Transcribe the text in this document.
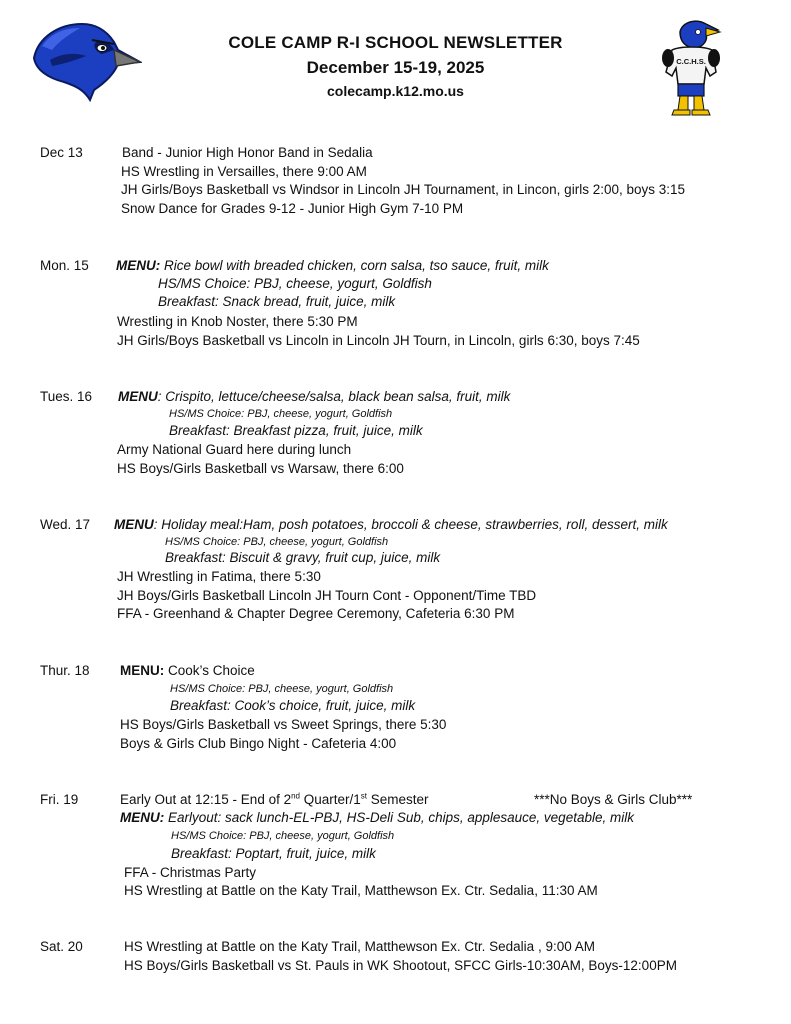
COLE CAMP R-I SCHOOL NEWSLETTER
December 15-19, 2025
colecamp.k12.mo.us
C.C.H.S.
Dec 13	Band - Junior High Honor Band in Sedalia
HS Wrestling in Versailles, there 9:00 AM
JH Girls/Boys Basketball vs Windsor in Lincoln JH Tournament, in Lincon, girls 2:00, boys 3:15
Snow Dance for Grades 9-12 - Junior High Gym 7-10 PM
Mon. 15 MENU: Rice bowl with breaded chicken, corn salsa, tso sauce, fruit, milk
HS/MS Choice: PBJ, cheese, yogurt, Goldfish
Breakfast: Snack bread, fruit, juice, milk
Wrestling in Knob Noster, there 5:30 PM
JH Girls/Boys Basketball vs Lincoln in Lincoln JH Tourn, in Lincoln, girls 6:30, boys 7:45
Tues. 16 MENU: Crispito, lettuce/cheese/salsa, black bean salsa, fruit, milk
HS/MS Choice: PBJ, cheese, yogurt, Goldfish
Breakfast: Breakfast pizza, fruit, juice, milk
Army National Guard here during lunch
HS Boys/Girls Basketball vs Warsaw, there 6:00
Wed. 17 MENU: Holiday meal:Ham, posh potatoes, broccoli & cheese, strawberries, roll, dessert, milk
HS/MS Choice: PBJ, cheese, yogurt, Goldfish
Breakfast: Biscuit & gravy, fruit cup, juice, milk
JH Wrestling in Fatima, there 5:30
JH Boys/Girls Basketball Lincoln JH Tourn Cont - Opponent/Time TBD
FFA - Greenhand & Chapter Degree Ceremony, Cafeteria 6:30 PM
Thur. 18 MENU: Cook’s Choice
HS/MS Choice: PBJ, cheese, yogurt, Goldfish
Breakfast: Cook’s choice, fruit, juice, milk
HS Boys/Girls Basketball vs Sweet Springs, there 5:30
Boys & Girls Club Bingo Night - Cafeteria 4:00
Fri. 19	Early Out at 12:15 - End of 2nd Quarter/1st Semester	***No Boys & Girls Club***
MENU: Earlyout: sack lunch-EL-PBJ, HS-Deli Sub, chips, applesauce, vegetable, milk
HS/MS Choice: PBJ, cheese, yogurt, Goldfish
Breakfast: Poptart, fruit, juice, milk
FFA - Christmas Party
HS Wrestling at Battle on the Katy Trail, Matthewson Ex. Ctr. Sedalia, 11:30 AM
Sat. 20	HS Wrestling at Battle on the Katy Trail, Matthewson Ex. Ctr. Sedalia , 9:00 AM
HS Boys/Girls Basketball vs St. Pauls in WK Shootout, SFCC Girls-10:30AM, Boys-12:00PM
